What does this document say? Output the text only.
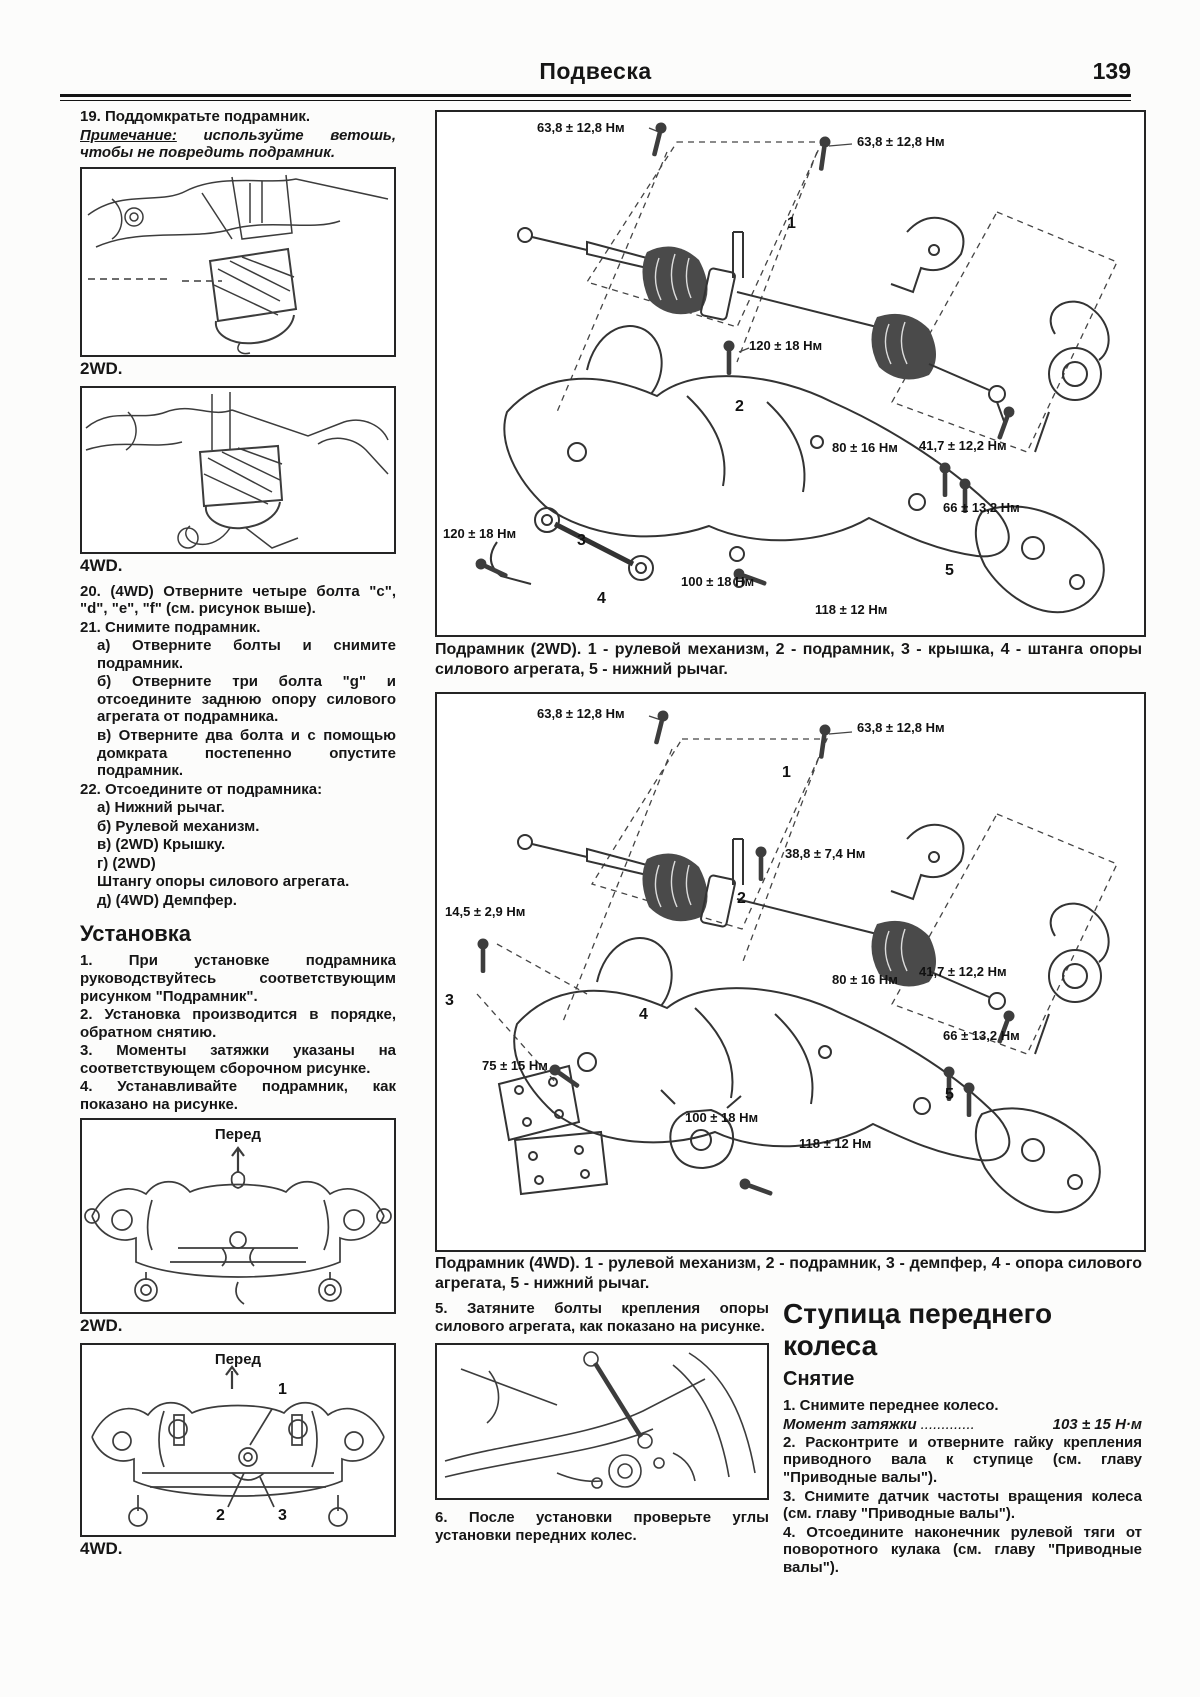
Подвеска	139

19. Поддомкратьте подрамник.

Примечание: используйте ветошь, чтобы не повредить подрамник.

2WD.
4WD.

20. (4WD) Отверните четыре болта "c", "d", "e", "f" (см. рисунок выше).

21. Снимите подрамник.

а) Отверните болты и снимите подрамник.

б) Отверните три болта "g" и отсоедините заднюю опору силового агрегата от подрамника.

в) Отверните два болта и с помощью домкрата постепенно опустите подрамник.

22. Отсоедините от подрамника:

а) Нижний рычаг.

б) Рулевой механизм.

в) (2WD) Крышку.

г) (2WD)

Штангу опоры силового агрегата.

д) (4WD) Демпфер.

Установка

1. При установке подрамника руководствуйтесь соответствующим рисунком "Подрамник".

2. Установка производится в порядке, обратном снятию.

3. Моменты затяжки указаны на соответствующем сборочном рисунке.

4. Устанавливайте подрамник, как показано на рисунке.

Перед
2WD.
Перед
1
2	3
4WD.
63,8 ± 12,8 Нм
63,8 ± 12,8 Нм
1
120 ± 18 Нм
2
80 ± 16 Нм 41,7 ± 12,2 Нм
66 ± 13,2 Нм
120 ± 18 Нм	3
4
100 ± 18 Нм
118 ± 12 Нм
5
Подрамник (2WD). 1 - рулевой механизм, 2 - подрамник, 3 - крышка, 4 - штанга опоры силового агрегата, 5 - нижний рычаг.
63,8 ± 12,8 Нм
63,8 ± 12,8 Нм
1
38,8 ± 7,4 Нм
2
14,5 ± 2,9 Нм
3
80 ± 16 Нм
41,7 ± 12,2 Нм
4
66 ± 13,2 Нм
75 ± 15 Нм
5
100 ± 18 Нм
118 ± 12 Нм
Подрамник (4WD). 1 - рулевой механизм, 2 - подрамник, 3 - демпфер, 4 - опора силового агрегата, 5 - нижний рычаг.

5. Затяните болты крепления опоры силового агрегата, как показано на рисунке.

6. После установки проверьте углы установки передних колес.

Ступица переднего колеса
Снятие

1. Снимите переднее колесо.

Момент затяжки .............	103 ± 15 Н·м

2. Расконтрите и отверните гайку крепления приводного вала к ступице (см. главу "Приводные валы").

3. Снимите датчик частоты вращения колеса (см. главу "Приводные валы").

4. Отсоедините наконечник рулевой тяги от поворотного кулака (см. главу "Приводные валы").
